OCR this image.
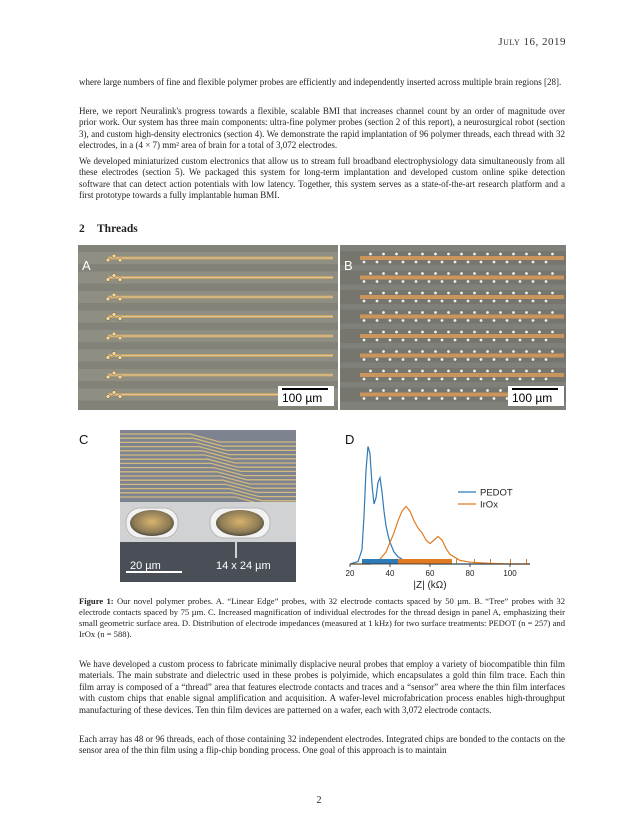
July 16, 2019
where large numbers of fine and flexible polymer probes are efficiently and independently inserted across multiple brain regions [28].
Here, we report Neuralink's progress towards a flexible, scalable BMI that increases channel count by an order of magnitude over prior work. Our system has three main components: ultra-fine polymer probes (section 2 of this report), a neurosurgical robot (section 3), and custom high-density electronics (section 4). We demonstrate the rapid implantation of 96 polymer threads, each thread with 32 electrodes, in a (4 × 7) mm² area of brain for a total of 3,072 electrodes.
We developed miniaturized custom electronics that allow us to stream full broadband electrophysiology data simultaneously from all these electrodes (section 5). We packaged this system for long-term implantation and developed custom online spike detection software that can detect action potentials with low latency. Together, this system serves as a state-of-the-art research platform and a first prototype towards a fully implantable human BMI.
2 Threads
A
100 µm
B
100 µm
C
20 µm	14 x 24 µm
D
20	40	60	80	100
|Z| (kΩ)
PEDOT
IrOx
Figure 1: Our novel polymer probes. A. “Linear Edge” probes, with 32 electrode contacts spaced by 50 µm. B. “Tree” probes with 32 electrode contacts spaced by 75 µm. C. Increased magnification of individual electrodes for the thread design in panel A, emphasizing their small geometric surface area. D. Distribution of electrode impedances (measured at 1 kHz) for two surface treatments: PEDOT (n = 257) and IrOx (n = 588).
We have developed a custom process to fabricate minimally displacive neural probes that employ a variety of biocompatible thin film materials. The main substrate and dielectric used in these probes is polyimide, which encapsulates a gold thin film trace. Each thin film array is composed of a “thread” area that features electrode contacts and traces and a “sensor” area where the thin film interfaces with custom chips that enable signal amplification and acquisition. A wafer-level microfabrication process enables high-throughput manufacturing of these devices. Ten thin film devices are patterned on a wafer, each with 3,072 electrode contacts.
Each array has 48 or 96 threads, each of those containing 32 independent electrodes. Integrated chips are bonded to the contacts on the sensor area of the thin film using a flip-chip bonding process. One goal of this approach is to maintain
2
